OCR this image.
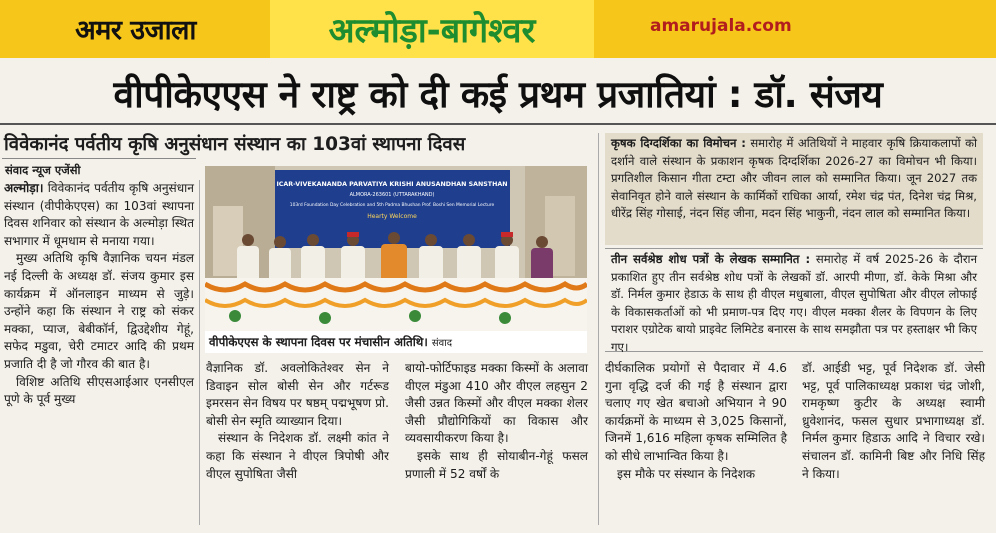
अमर उजाला	अल्मोड़ा-बागेश्वर	amarujala.com
वीपीकेएएस ने राष्ट्र को दी कई प्रथम प्रजातियां : डॉ. संजय
विवेकानंद पर्वतीय कृषि अनुसंधान संस्थान का 103वां स्थापना दिवस
संवाद न्यूज एजेंसी
ICAR-VIVEKANANDA PARVATIYA KRISHI ANUSANDHAN SANSTHAN
ALMORA-263601 (UTTARAKHAND)
103rd Foundation Day Celebration and 5th Padma Bhushan Prof. Boshi Sen Memorial Lecture
Hearty Welcome
वीपीकेएएस के स्थापना दिवस पर मंचासीन अतिथि। संवाद

अल्मोड़ा। विवेकानंद पर्वतीय कृषि अनुसंधान संस्थान (वीपीकेएएस) का 103वां स्थापना दिवस शनिवार को संस्थान के अल्मोड़ा स्थित सभागार में धूमधाम से मनाया गया।

मुख्य अतिथि कृषि वैज्ञानिक चयन मंडल नई दिल्ली के अध्यक्ष डॉ. संजय कुमार इस कार्यक्रम में ऑनलाइन माध्यम से जुड़े। उन्होंने कहा कि संस्थान ने राष्ट्र को संकर मक्का, प्याज, बेबीकॉर्न, द्विउद्देशीय गेहूं, सफेद मडुवा, चेरी टमाटर आदि की प्रथम प्रजाति दी है जो गौरव की बात है।

विशिष्ट अतिथि सीएसआईआर एनसीएल पूणे के पूर्व मुख्य

वैज्ञानिक डॉ. अवलोकितेश्वर सेन ने डिवाइन सोल बोसी सेन और गर्टरूड इमरसन सेन विषय पर षष्ठम् पद्मभूषण प्रो. बोसी सेन स्मृति व्याख्यान दिया।

संस्थान के निदेशक डॉ. लक्ष्मी कांत ने कहा कि संस्थान ने वीएल त्रिपोषी और वीएल सुपोषिता जैसी

बायो-फोर्टिफाइड मक्का किस्मों के अलावा वीएल मंडुआ 410 और वीएल लहसुन 2 जैसी उन्नत किस्मों और वीएल मक्का शेलर जैसी प्रौद्योगिकियों का विकास और व्यवसायीकरण किया है।

इसके साथ ही सोयाबीन-गेहूं फसल प्रणाली में 52 वर्षों के

कृषक दिग्दर्शिका का विमोचन : समारोह में अतिथियों ने माहवार कृषि क्रियाकलापों को दर्शाने वाले संस्थान के प्रकाशन कृषक दिग्दर्शिका 2026-27 का विमोचन भी किया। प्रगतिशील किसान गीता टम्टा और जीवन लाल को सम्मानित किया। जून 2027 तक सेवानिवृत होने वाले संस्थान के कार्मिकों राधिका आर्या, रमेश चंद्र पंत, दिनेश चंद्र मिश्र, धीरेंद्र सिंह गोसाई, नंदन सिंह जीना, मदन सिंह भाकुनी, नंदन लाल को सम्मानित किया।
तीन सर्वश्रेष्ठ शोध पत्रों के लेखक सम्मानित : समारोह में वर्ष 2025-26 के दौरान प्रकाशित हुए तीन सर्वश्रेष्ठ शोध पत्रों के लेखकों डॉ. आरपी मीणा, डॉ. केके मिश्रा और डॉ. निर्मल कुमार हेडाऊ के साथ ही वीएल मधुबाला, वीएल सुपोषिता और वीएल लोफाई के विकासकर्ताओं को भी प्रमाण-पत्र दिए गए। वीएल मक्का शैलर के विपणन के लिए पराशर एग्रोटेक बायो प्राइवेट लिमिटेड बनारस के साथ समझौता पत्र पर हस्ताक्षर भी किए गए।

दीर्घकालिक प्रयोगों से पैदावार में 4.6 गुना वृद्धि दर्ज की गई है संस्थान द्वारा चलाए गए खेत बचाओ अभियान ने 90 कार्यक्रमों के माध्यम से 3,025 किसानों, जिनमें 1,616 महिला कृषक सम्मिलित है को सीधे लाभान्वित किया है।

इस मौके पर संस्थान के निदेशक

डॉ. आईडी भट्ट, पूर्व निदेशक डॉ. जेसी भट्ट, पूर्व पालिकाध्यक्ष प्रकाश चंद्र जोशी, रामकृष्ण कुटीर के अध्यक्ष स्वामी ध्रुवेशानंद, फसल सुधार प्रभागाध्यक्ष डॉ. निर्मल कुमार हिडाऊ आदि ने विचार रखे। संचालन डॉ. कामिनी बिष्ट और निधि सिंह ने किया।
